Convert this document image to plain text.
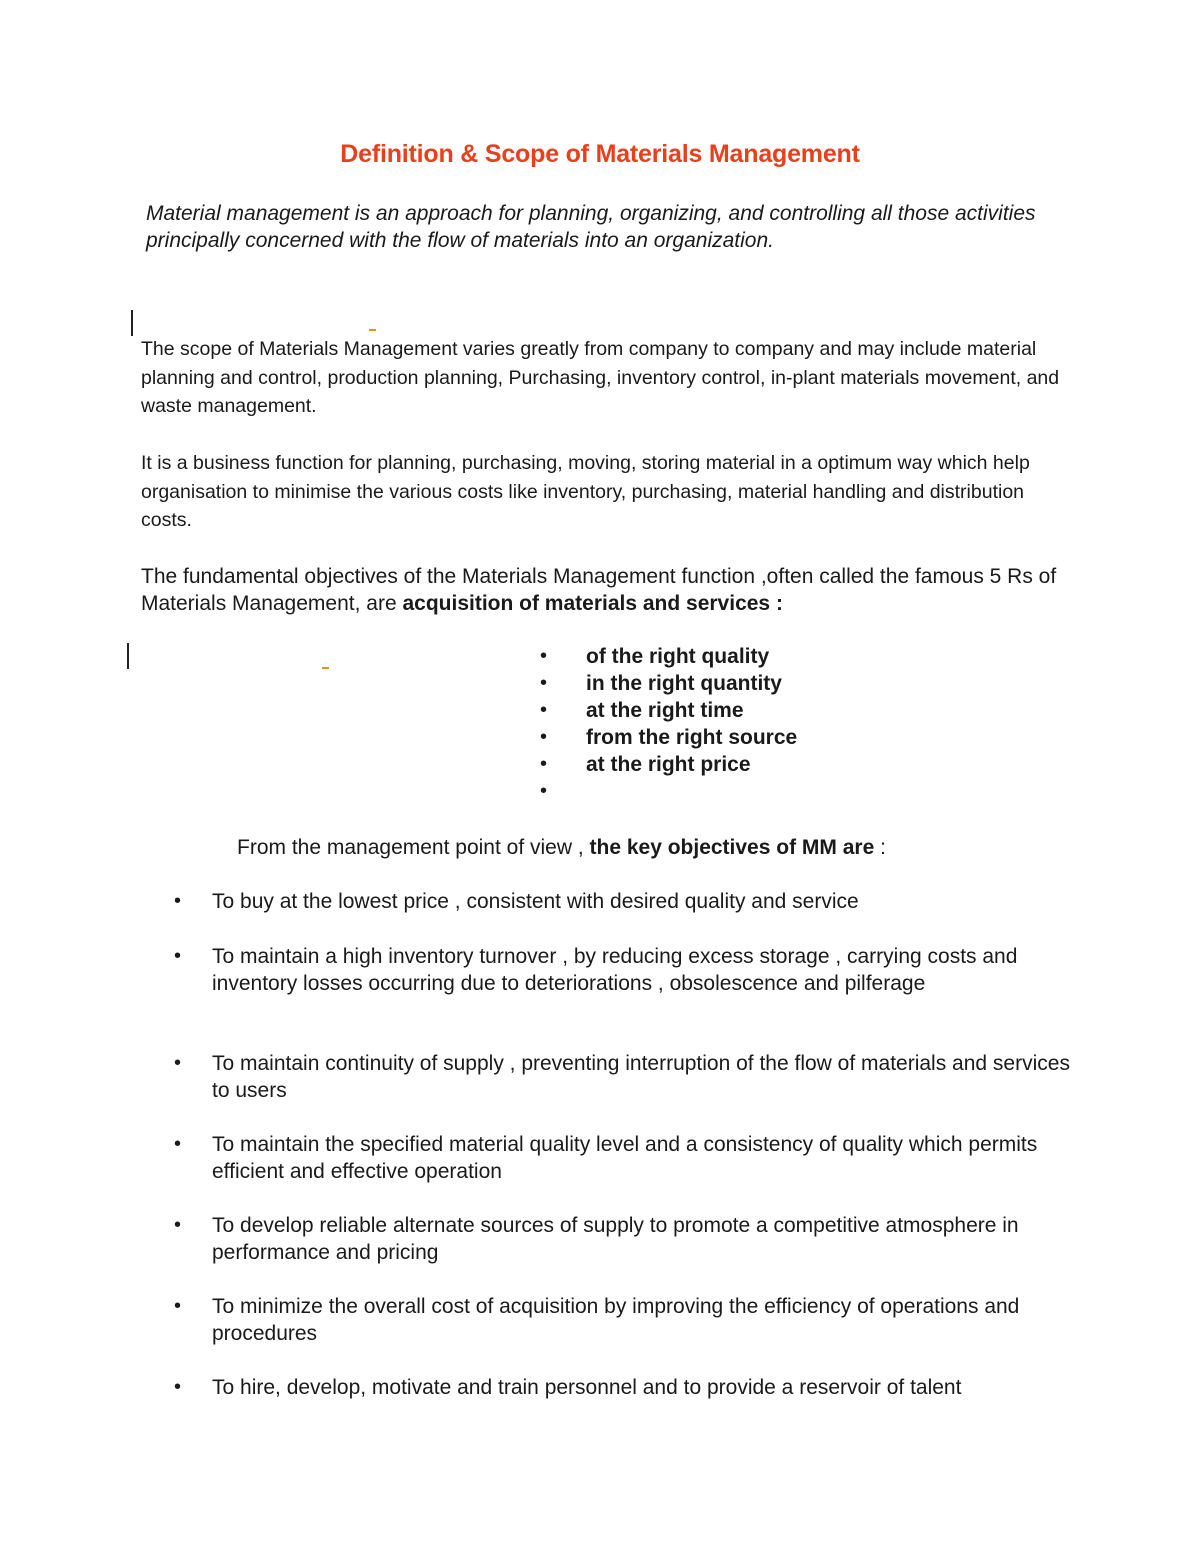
Definition & Scope of Materials Management
Material management is an approach for planning, organizing, and controlling all those activities principally concerned with the flow of materials into an organization.
The scope of Materials Management varies greatly from company to company and may include material planning and control, production planning, Purchasing, inventory control, in-plant materials movement, and waste management.
It is a business function for planning, purchasing, moving, storing material in a optimum way which help organisation to minimise the various costs like inventory, purchasing, material handling and distribution costs.
The fundamental objectives of the Materials Management function ,often called the famous 5 Rs of Materials Management, are acquisition of materials and services :
• of the right quality
• in the right quantity
• at the right time
• from the right source
• at the right price
•
From the management point of view , the key objectives of MM are :
• To buy at the lowest price , consistent with desired quality and service
• To maintain a high inventory turnover , by reducing excess storage , carrying costs and inventory losses occurring due to deteriorations , obsolescence and pilferage
• To maintain continuity of supply , preventing interruption of the flow of materials and services to users
• To maintain the specified material quality level and a consistency of quality which permits efficient and effective operation
• To develop reliable alternate sources of supply to promote a competitive atmosphere in performance and pricing
• To minimize the overall cost of acquisition by improving the efficiency of operations and procedures
• To hire, develop, motivate and train personnel and to provide a reservoir of talent
